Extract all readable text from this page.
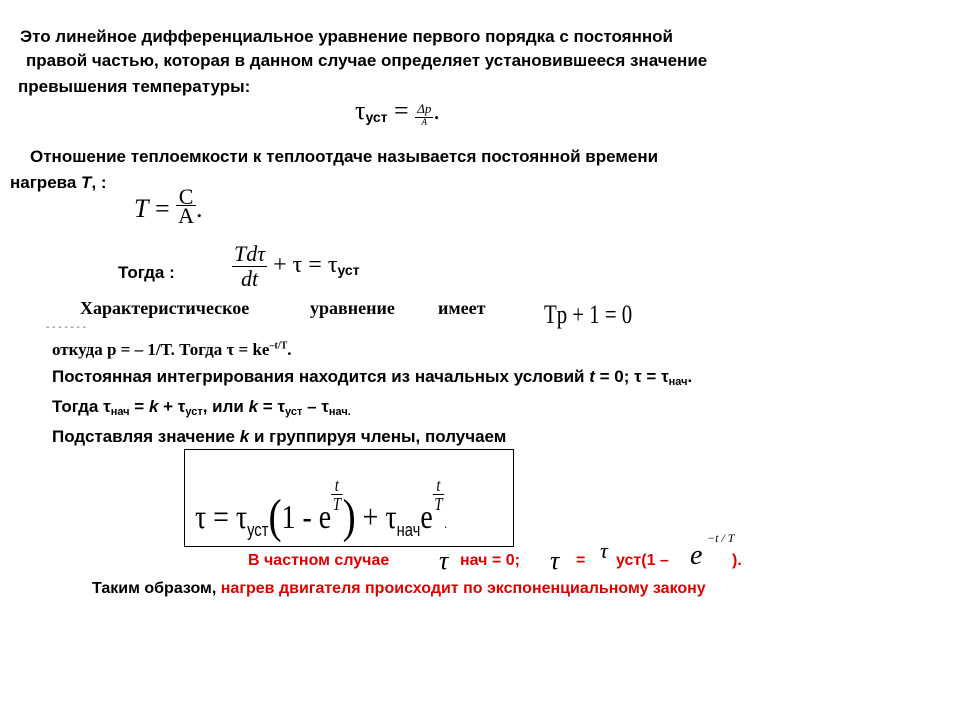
Это линейное дифференциальное уравнение первого порядка с постоянной
правой частью, которая в данном случае определяет установившееся значение
превышения температуры:
$\tau_{уст} = \frac{\Delta p}{A}$ .
Отношение теплоемкости к теплоотдаче называется постоянной времени
нагрева T, :
$T = \frac{C}{A}$ .
Тогда :	$\frac{\text{Tdτ}}{dt} + \tau = \tau_{уст}$
Характеристическое	уравнение имеет Tp + 1 = 0
- - - - - - -
откуда p = – 1/T. Тогда $\tau = ke^{-t/T}$.
Постоянная интегрирования находится из начальных условий t = 0; $\tau = \tau_{нач}$.
Тогда $\tau_{нач} = k + \tau_{уст}$, или $k = \tau_{уст} - \tau_{нач.}$
Подставляя значение k и группируя члены, получаем
$\tau = \tau_{уст}(1 - e$
$\frac{t}{T}$ ) + $\tau_{нач}e$
$\frac{t}{T}$
.
В частном случае τ нач = 0; τ = τ уст(1 – e
−t / T
).
Таким образом, нагрев двигателя происходит по экспоненциальному закону
